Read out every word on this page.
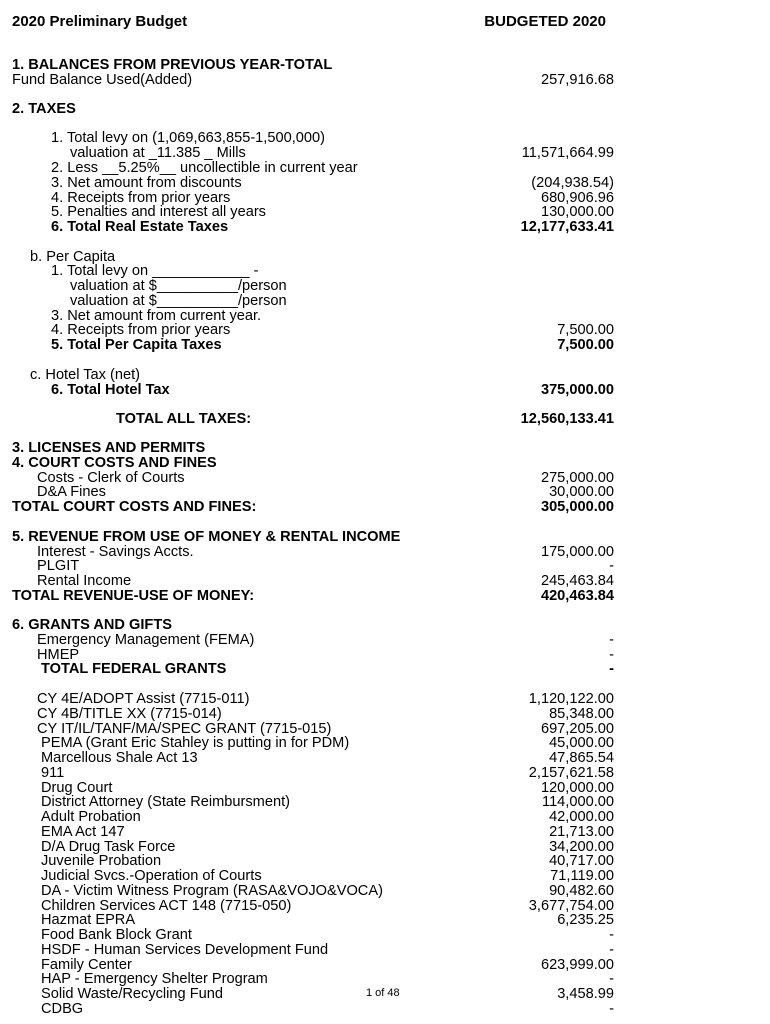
2020 Preliminary Budget	BUDGETED 2020
1. BALANCES FROM PREVIOUS YEAR-TOTAL
Fund Balance Used(Added)	257,916.68
2. TAXES
1. Total levy on (1,069,663,855-1,500,000)
valuation at _11.385 _ Mills	11,571,664.99
2. Less __5.25%__ uncollectible in current year
3. Net amount from discounts	(204,938.54)
4. Receipts from prior years	680,906.96
5. Penalties and interest all years	130,000.00
6. Total Real Estate Taxes	12,177,633.41
b. Per Capita
1. Total levy on ____________ -
valuation at $__________/person
valuation at $__________/person
3. Net amount from current year.
4. Receipts from prior years	7,500.00
5. Total Per Capita Taxes	7,500.00
c. Hotel Tax (net)
6. Total Hotel Tax	375,000.00
TOTAL ALL TAXES:	12,560,133.41
3. LICENSES AND PERMITS
4. COURT COSTS AND FINES
Costs - Clerk of Courts	275,000.00
D&A Fines	30,000.00
TOTAL COURT COSTS AND FINES:	305,000.00
5. REVENUE FROM USE OF MONEY & RENTAL INCOME
Interest - Savings Accts.	175,000.00
PLGIT	-
Rental Income	245,463.84
TOTAL REVENUE-USE OF MONEY:	420,463.84
6. GRANTS AND GIFTS
Emergency Management (FEMA)	-
HMEP	-
TOTAL FEDERAL GRANTS	-
CY 4E/ADOPT Assist (7715-011)	1,120,122.00
CY 4B/TITLE XX (7715-014)	85,348.00
CY IT/IL/TANF/MA/SPEC GRANT (7715-015)	697,205.00
PEMA (Grant Eric Stahley is putting in for PDM)	45,000.00
Marcellous Shale Act 13	47,865.54
911	2,157,621.58
Drug Court	120,000.00
District Attorney (State Reimbursment)	114,000.00
Adult Probation	42,000.00
EMA Act 147	21,713.00
D/A Drug Task Force	34,200.00
Juvenile Probation	40,717.00
Judicial Svcs.-Operation of Courts	71,119.00
DA - Victim Witness Program (RASA&VOJO&VOCA)	90,482.60
Children Services ACT 148 (7715-050)	3,677,754.00
Hazmat EPRA	6,235.25
Food Bank Block Grant	-
HSDF - Human Services Development Fund	-
Family Center	623,999.00
HAP - Emergency Shelter Program	-
Solid Waste/Recycling Fund	3,458.99
CDBG	-
1 of 48
